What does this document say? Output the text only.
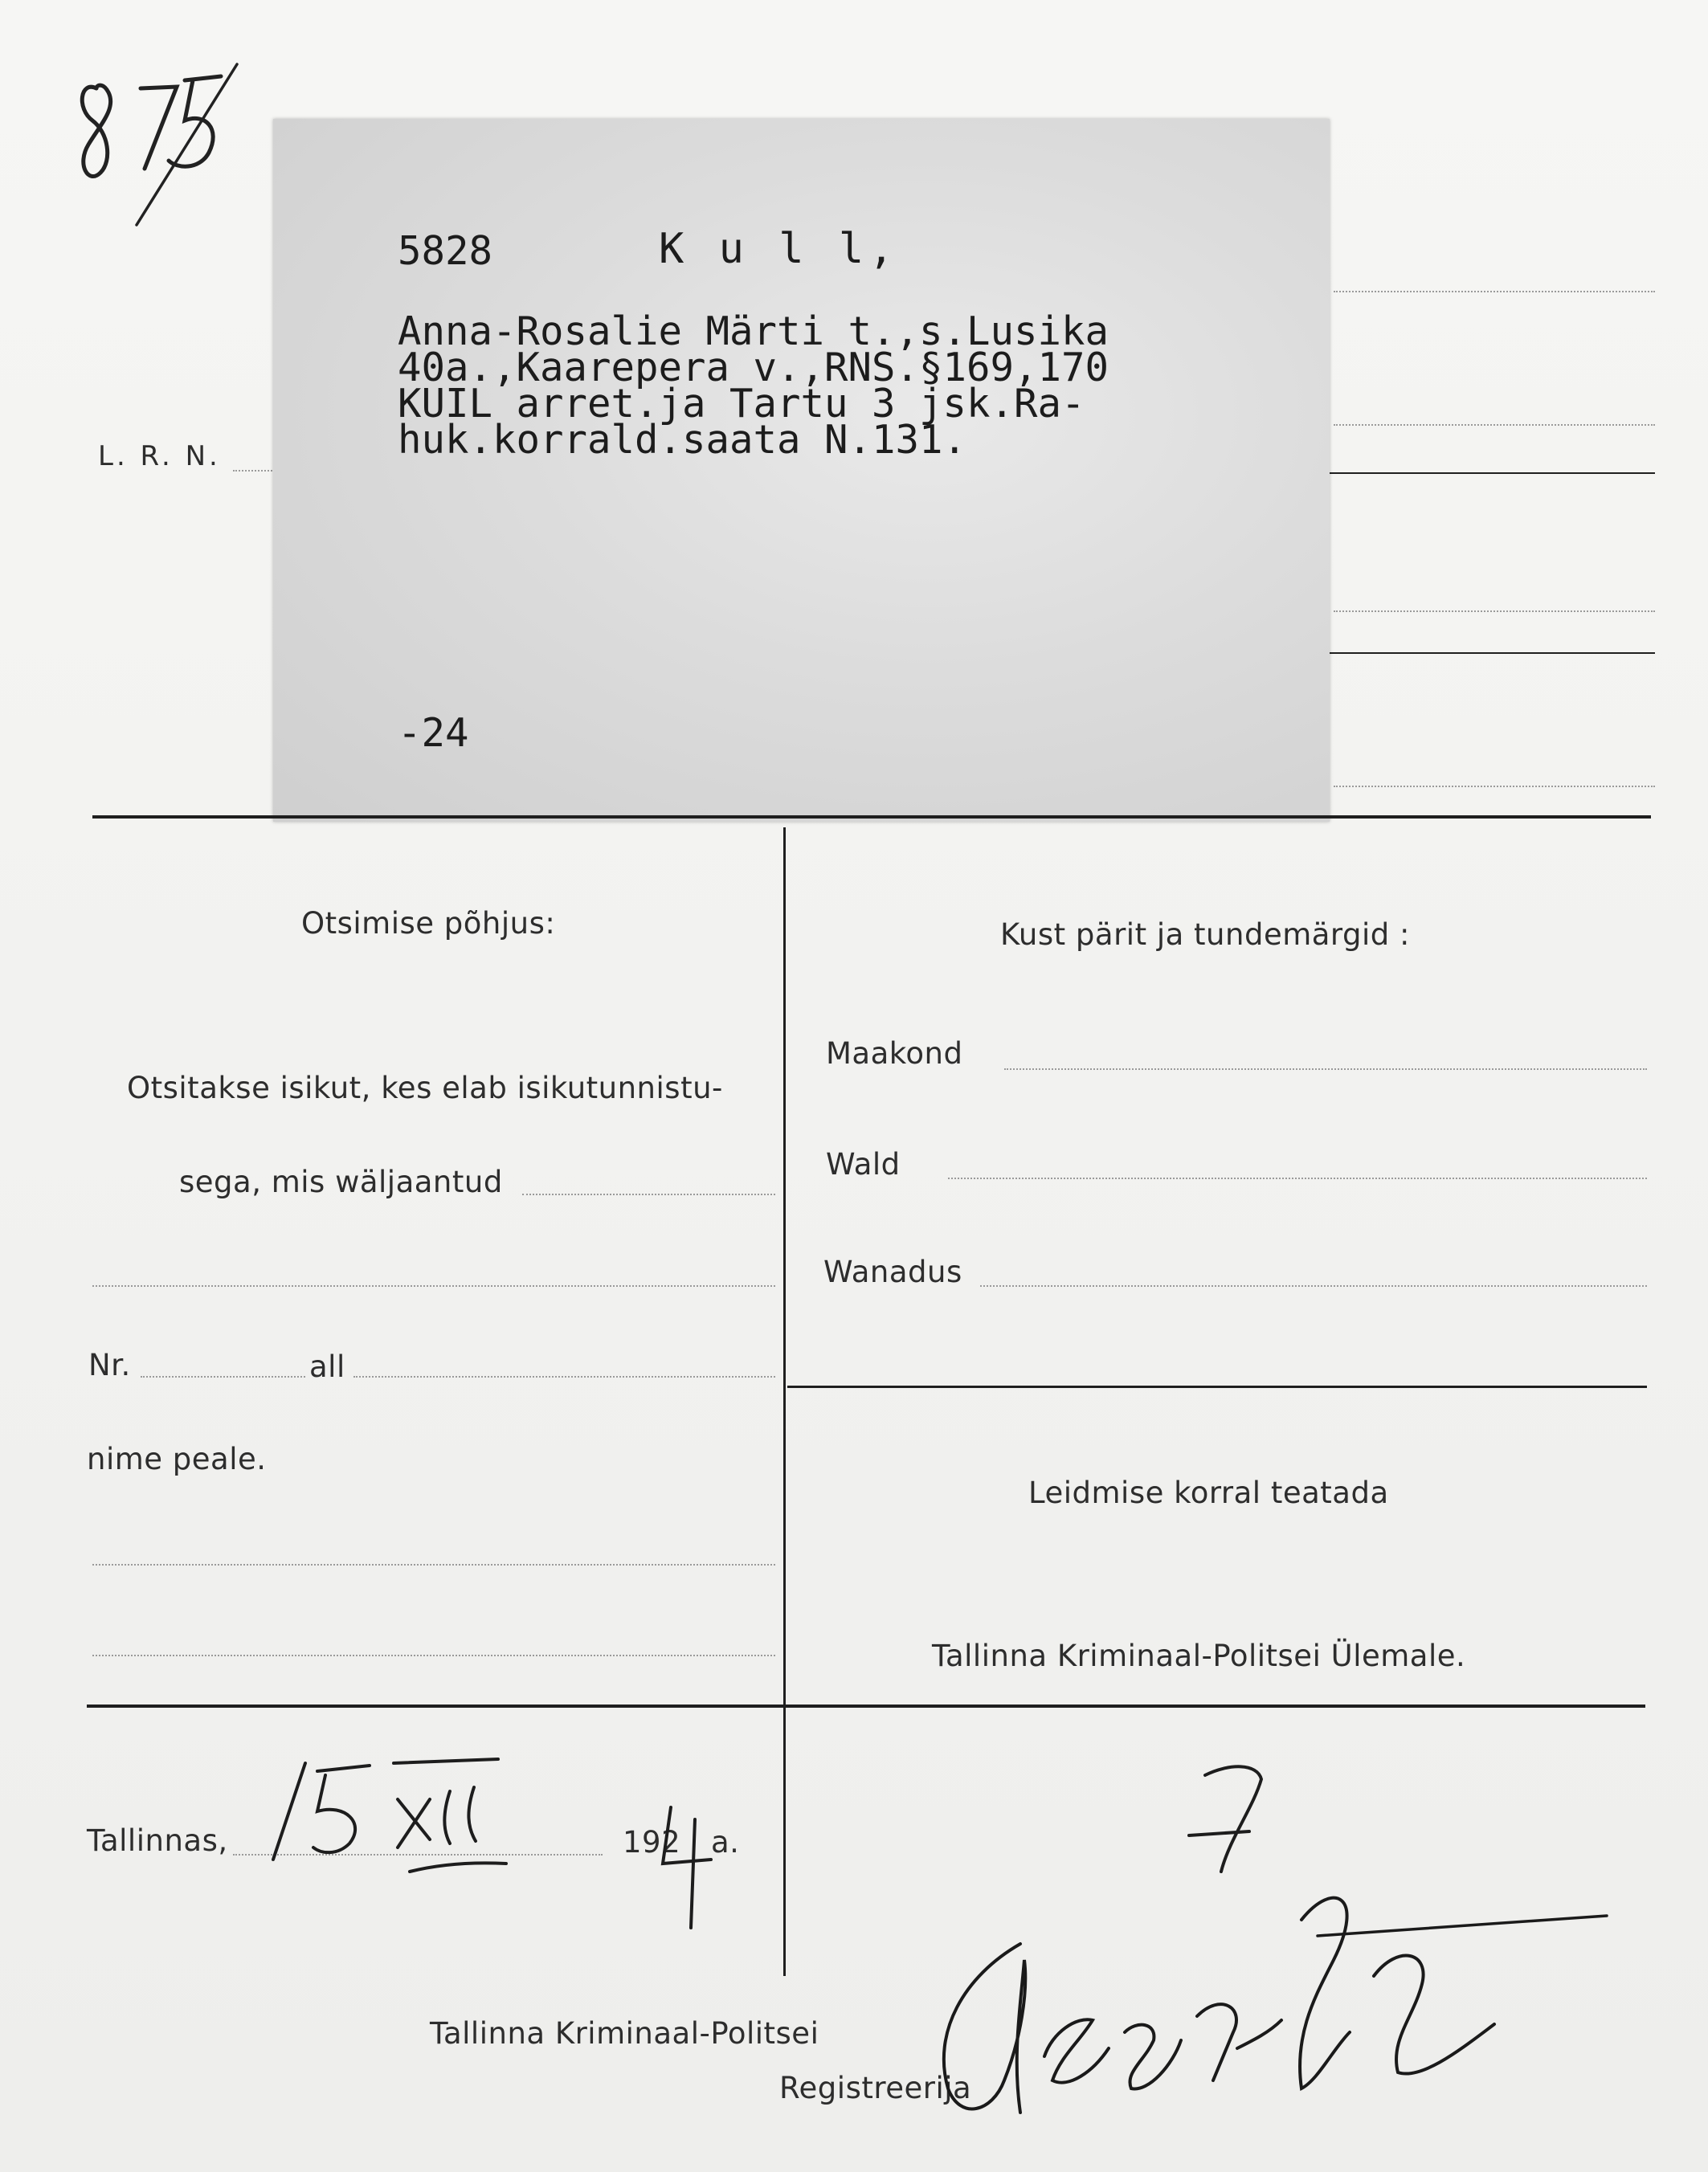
L. R. N.
5828	K u l l,
Anna-Rosalie Märti t.,s.Lusika
40a.,Kaarepera v.,RNS.§169,170
KUIL arret.ja Tartu 3 jsk.Ra-
huk.korrald.saata N.131.
-24
Otsimise põhjus:
Otsitakse isikut, kes elab isikutunnistu-
sega, mis wäljaantud
Nr.	all
nime peale.
Kust pärit ja tundemärgid :
Maakond
Wald
Wanadus
Leidmise korral teatada
Tallinna Kriminaal-Politsei Ülemale.
Tallinnas,	192 a.
Tallinna Kriminaal-Politsei
Registreerija
